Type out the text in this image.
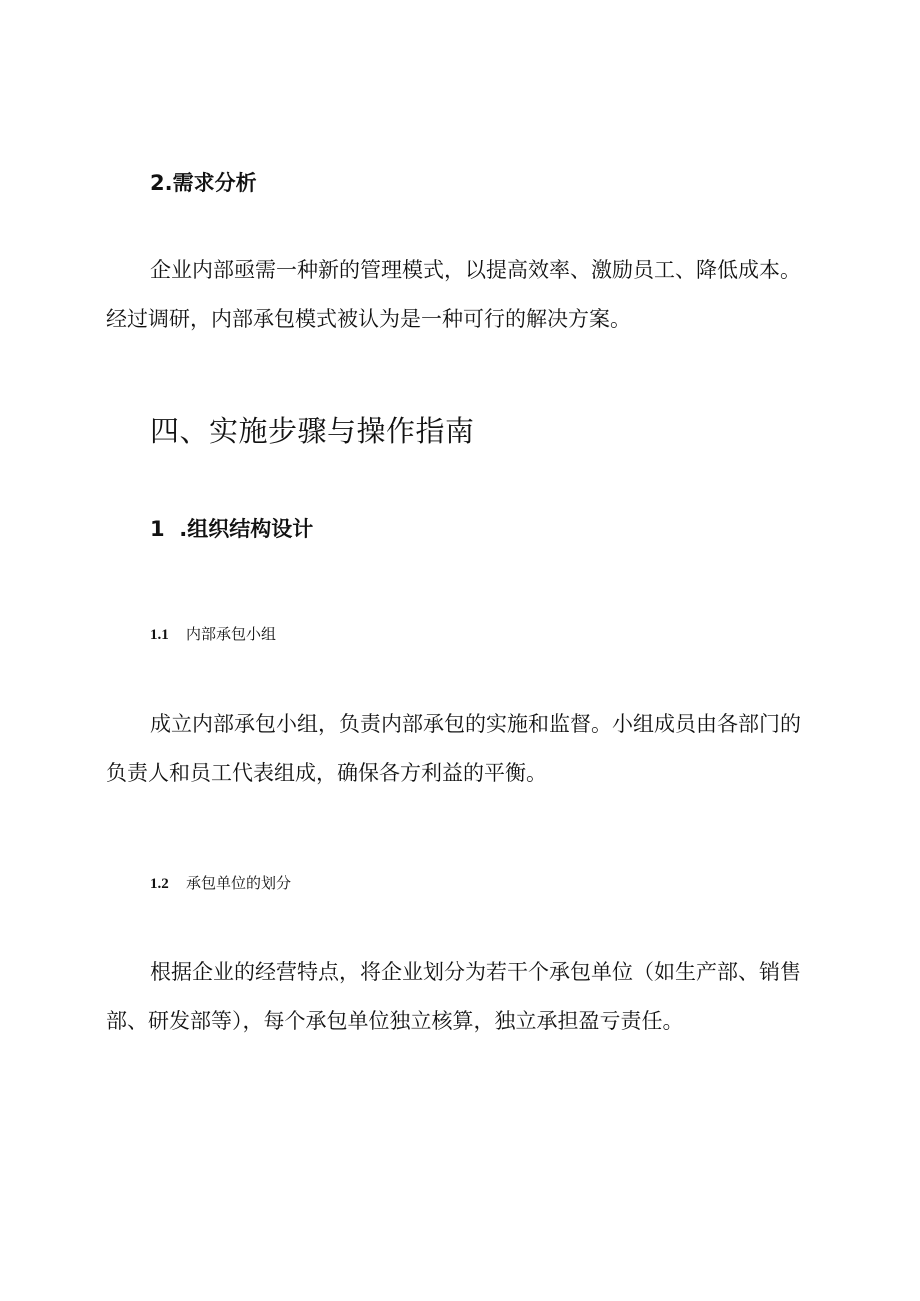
2.需求分析
企业内部亟需一种新的管理模式，以提高效率、激励员工、降低成本。
经过调研，内部承包模式被认为是一种可行的解决方案。
四、实施步骤与操作指南
1  .组织结构设计
1.1 内部承包小组
成立内部承包小组，负责内部承包的实施和监督。小组成员由各部门的
负责人和员工代表组成，确保各方利益的平衡。
1.2 承包单位的划分
根据企业的经营特点，将企业划分为若干个承包单位（如生产部、销售
部、研发部等），每个承包单位独立核算，独立承担盈亏责任。
